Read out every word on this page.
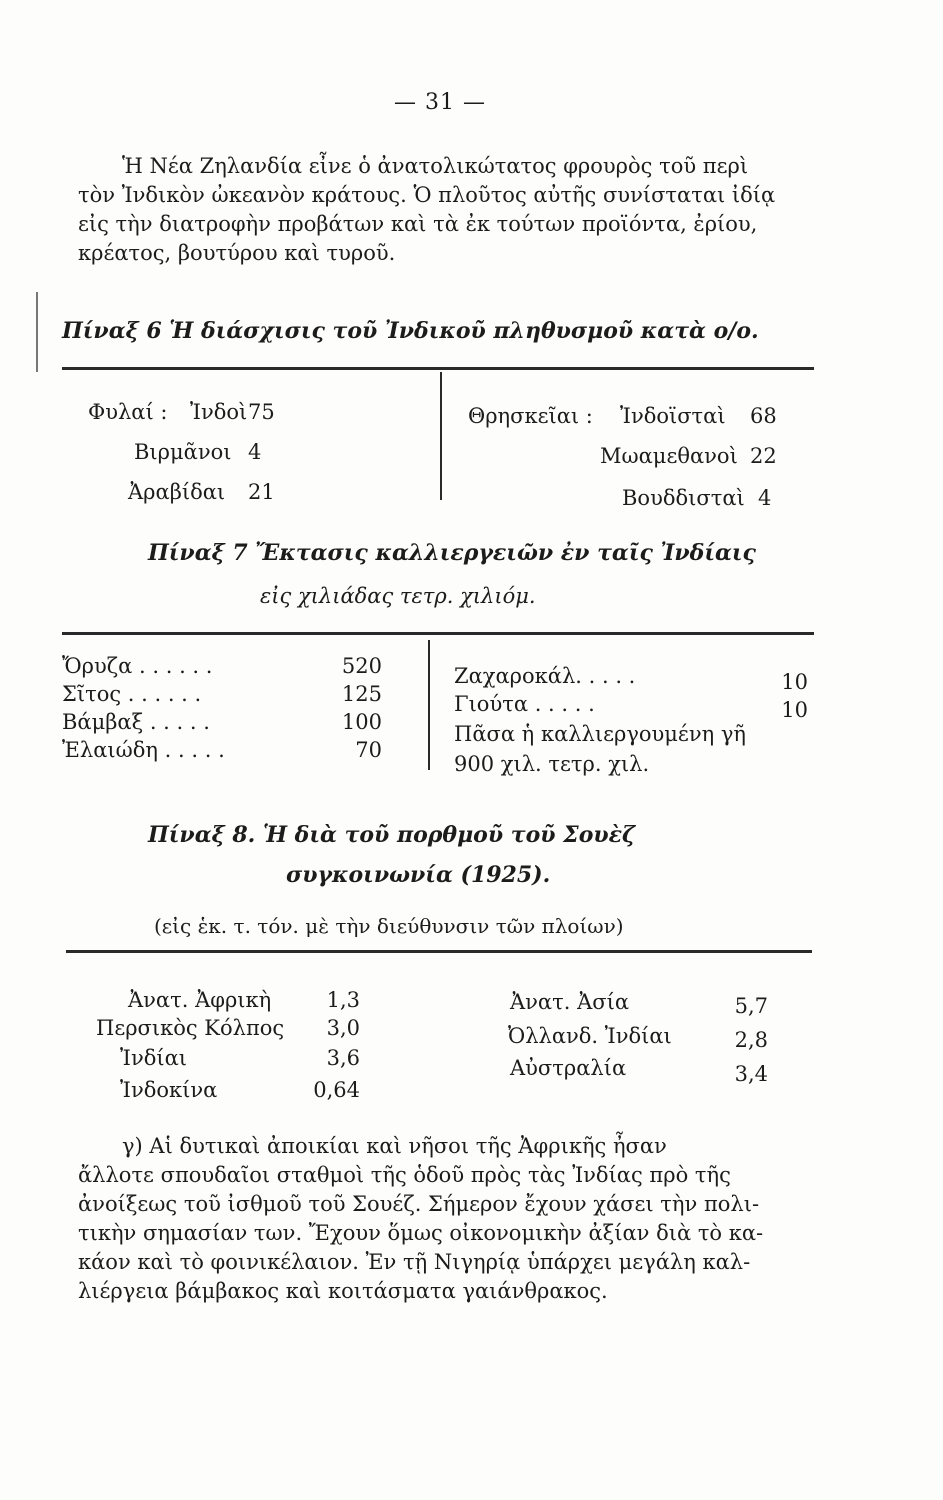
— 31 —
Ἡ Νέα Ζηλανδία εἶνε ὁ ἀνατολικώτατος φρουρὸς τοῦ περὶ
τὸν Ἰνδικὸν ὠκεανὸν κράτους. Ὁ πλοῦτος αὐτῆς συνίσταται ἰδίᾳ
εἰς τὴν διατροφὴν προβάτων καὶ τὰ ἐκ τούτων προϊόντα, ἐρίου,
κρέατος, βουτύρου καὶ τυροῦ.
Πίναξ 6 Ἡ διάσχισις τοῦ Ἰνδικοῦ πληθυσμοῦ κατὰ ο/ο.
Φυλαί : Ἰνδοὶ 75
Βιρμᾶνοι 4
Ἀραβίδαι 21
Θρησκεῖαι : Ἰνδοϊσταὶ 68
Μωαμεθανοὶ 22
Βουδδισταὶ 4
Πίναξ 7 Ἔκτασις καλλιεργειῶν ἐν ταῖς Ἰνδίαις
εἰς χιλιάδας τετρ. χιλιόμ.
Ὄρυζα . . . . . .	520
Σῖτος . . . . . .	125
Βάμβαξ . . . . .	100
Ἐλαιώδη . . . . .	70
Ζαχαροκάλ. . . . .	10
Γιούτα . . . . .	10
Πᾶσα ἡ καλλιεργουμένη γῆ
900 χιλ. τετρ. χιλ.
Πίναξ 8. Ἡ διὰ τοῦ πορθμοῦ τοῦ Σουὲζ
συγκοινωνία (1925).
(εἰς ἑκ. τ. τόν. μὲ τὴν διεύθυνσιν τῶν πλοίων)
Ἀνατ. Ἀφρικὴ	1,3
Περσικὸς Κόλπος	3,0
Ἰνδίαι	3,6
Ἰνδοκίνα	0,64
Ἀνατ. Ἀσία	5,7
Ὀλλανδ. Ἰνδίαι	2,8
Αὐστραλία	3,4
γ) Αἱ δυτικαὶ ἀποικίαι καὶ νῆσοι τῆς Ἀφρικῆς ἦσαν
ἄλλοτε σπουδαῖοι σταθμοὶ τῆς ὁδοῦ πρὸς τὰς Ἰνδίας πρὸ τῆς
ἀνοίξεως τοῦ ἰσθμοῦ τοῦ Σουέζ. Σήμερον ἔχουν χάσει τὴν πολι-
τικὴν σημασίαν των. Ἔχουν ὅμως οἰκονομικὴν ἀξίαν διὰ τὸ κα-
κάον καὶ τὸ φοινικέλαιον. Ἐν τῇ Νιγηρίᾳ ὑπάρχει μεγάλη καλ-
λιέργεια βάμβακος καὶ κοιτάσματα γαιάνθρακος.
